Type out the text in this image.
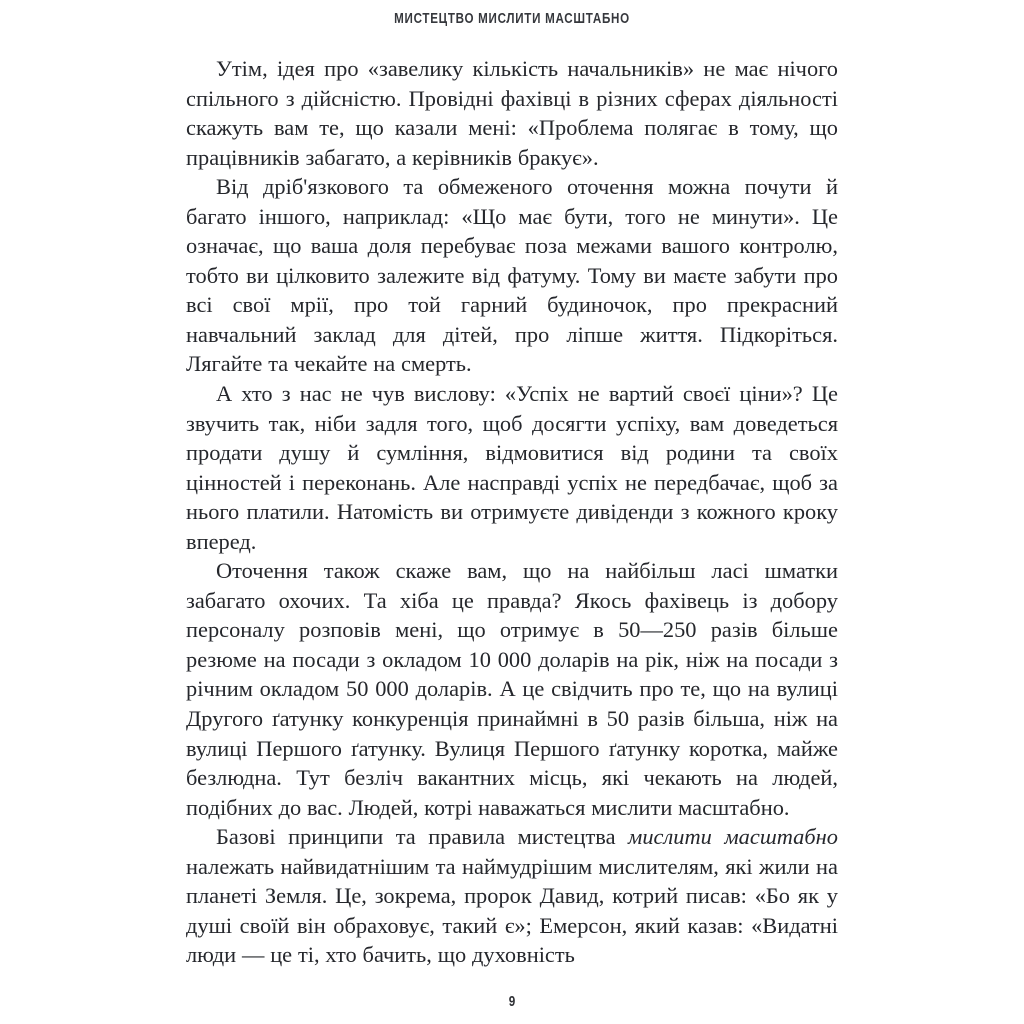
МИСТЕЦТВО МИСЛИТИ МАСШТАБНО

Утім, ідея про «завелику кількість начальників» не має нічого спільного з дійсністю. Провідні фахівці в різних сферах діяльності скажуть вам те, що казали мені: «Проблема полягає в тому, що працівників забагато, а керівників бракує».

Від дріб'язкового та обмеженого оточення можна почути й багато іншого, наприклад: «Що має бути, того не минути». Це означає, що ваша доля перебуває поза межами вашого контролю, тобто ви цілковито залежите від фатуму. Тому ви маєте забути про всі свої мрії, про той гарний будиночок, про прекрасний навчальний заклад для дітей, про ліпше життя. Підкоріться. Лягайте та чекайте на смерть.

А хто з нас не чув вислову: «Успіх не вартий своєї ціни»? Це звучить так, ніби задля того, щоб досягти успіху, вам доведеться продати душу й сумління, відмовитися від родини та своїх цінностей і переконань. Але насправді успіх не передбачає, щоб за нього платили. Натомість ви отримуєте дивіденди з кожного кроку вперед.

Оточення також скаже вам, що на найбільш ласі шматки забагато охочих. Та хіба це правда? Якось фахівець із добору персоналу розповів мені, що отримує в 50—250 разів більше резюме на посади з окладом 10 000 доларів на рік, ніж на посади з річним окладом 50 000 доларів. А це свідчить про те, що на вулиці Другого ґатунку конкуренція принаймні в 50 разів більша, ніж на вулиці Першого ґатунку. Вулиця Першого ґатунку коротка, майже безлюдна. Тут безліч вакантних місць, які чекають на людей, подібних до вас. Людей, котрі наважаться мислити масштабно.

Базові принципи та правила мистецтва мислити масштабно належать найвидатнішим та наймудрішим мислителям, які жили на планеті Земля. Це, зокрема, пророк Давид, котрий писав: «Бо як у душі своїй він обраховує, такий є»; Емерсон, який казав: «Видатні люди — це ті, хто бачить, що духовність

9
